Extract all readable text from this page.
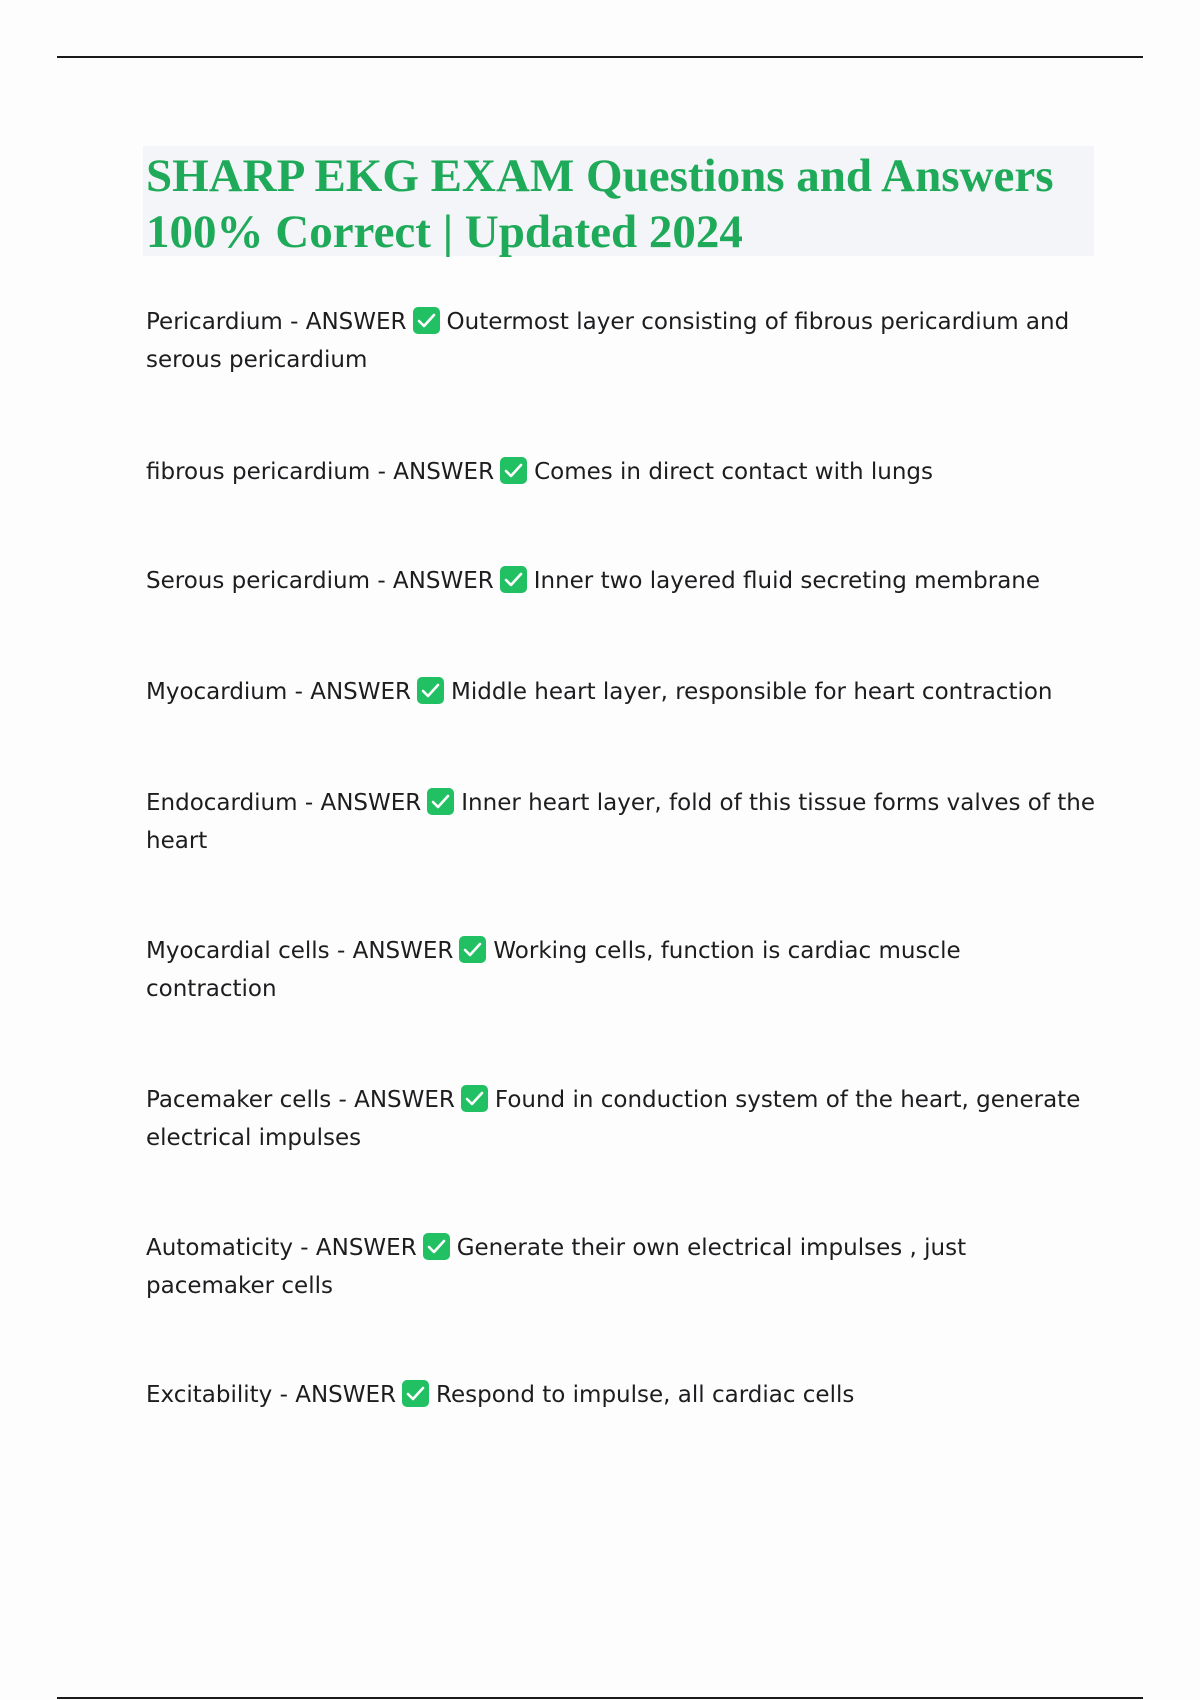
SHARP EKG EXAM Questions and Answers 100% Correct | Updated 2024
Pericardium - ANSWER Outermost layer consisting of fibrous pericardium and serous pericardium
fibrous pericardium - ANSWER Comes in direct contact with lungs
Serous pericardium - ANSWER Inner two layered fluid secreting membrane
Myocardium - ANSWER Middle heart layer, responsible for heart contraction
Endocardium - ANSWER Inner heart layer, fold of this tissue forms valves of the heart
Myocardial cells - ANSWER Working cells, function is cardiac muscle contraction
Pacemaker cells - ANSWER Found in conduction system of the heart, generate electrical impulses
Automaticity - ANSWER Generate their own electrical impulses , just pacemaker cells
Excitability - ANSWER Respond to impulse, all cardiac cells
